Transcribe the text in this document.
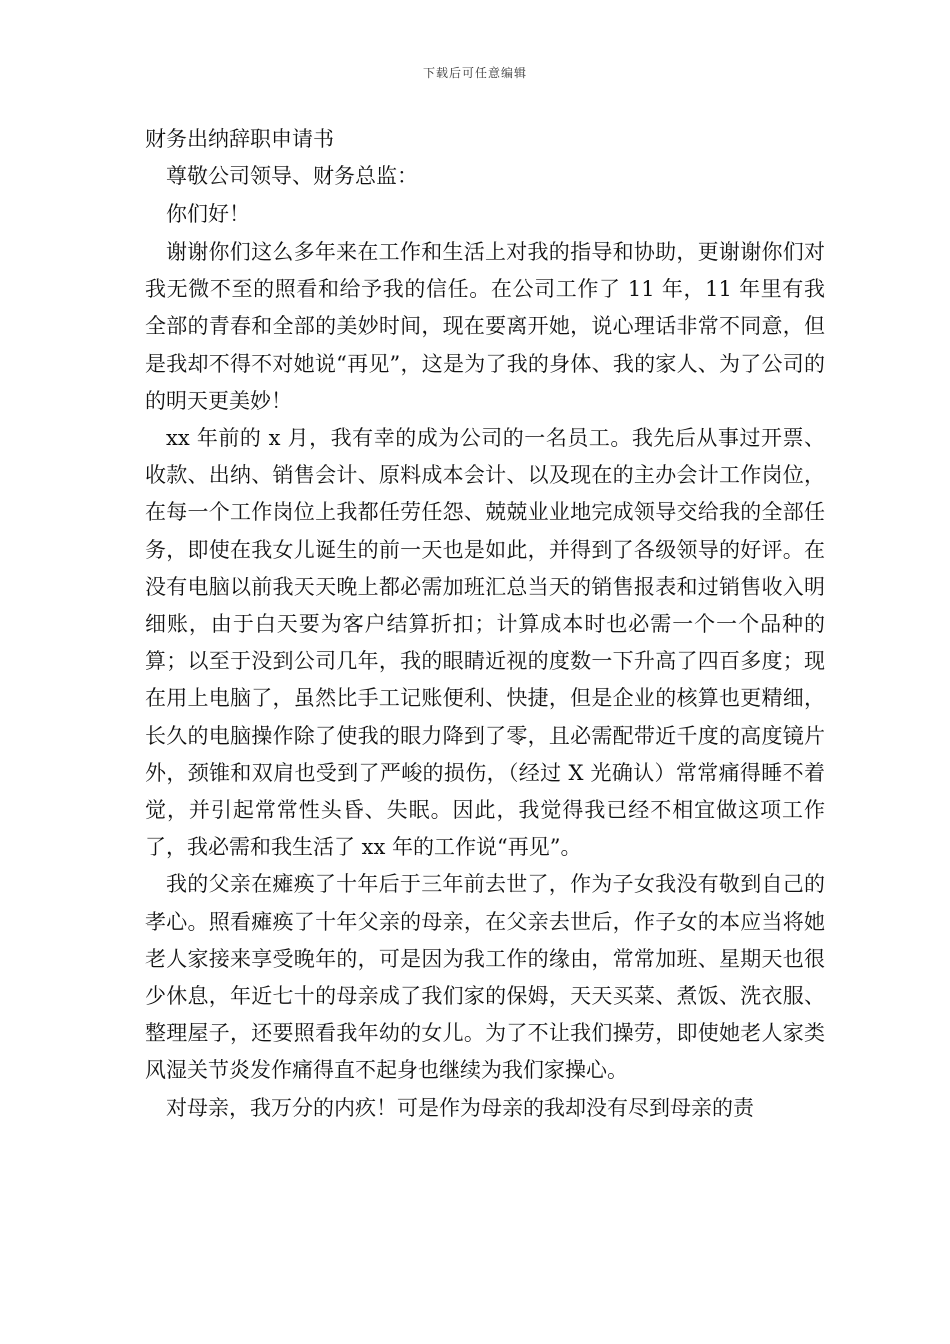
下载后可任意编辑
财务出纳辞职申请书
尊敬公司领导、财务总监：
你们好！

谢谢你们这么多年来在工作和生活上对我的指导和协助，更谢谢你们对我无微不至的照看和给予我的信任。在公司工作了 11 年，11 年里有我全部的青春和全部的美妙时间，现在要离开她，说心理话非常不同意，但是我却不得不对她说“再见”，这是为了我的身体、我的家人、为了公司的的明天更美妙！

xx 年前的 x 月，我有幸的成为公司的一名员工。我先后从事过开票、收款、出纳、销售会计、原料成本会计、以及现在的主办会计工作岗位，在每一个工作岗位上我都任劳任怨、兢兢业业地完成领导交给我的全部任务，即使在我女儿诞生的前一天也是如此，并得到了各级领导的好评。在没有电脑以前我天天晚上都必需加班汇总当天的销售报表和过销售收入明细账，由于白天要为客户结算折扣；计算成本时也必需一个一个品种的算；以至于没到公司几年，我的眼睛近视的度数一下升高了四百多度；现在用上电脑了，虽然比手工记账便利、快捷，但是企业的核算也更精细，长久的电脑操作除了使我的眼力降到了零，且必需配带近千度的高度镜片外，颈锥和双肩也受到了严峻的损伤，（经过 X 光确认）常常痛得睡不着觉，并引起常常性头昏、失眠。因此，我觉得我已经不相宜做这项工作了，我必需和我生活了 xx 年的工作说“再见”。

我的父亲在瘫痪了十年后于三年前去世了，作为子女我没有敬到自己的孝心。照看瘫痪了十年父亲的母亲，在父亲去世后，作子女的本应当将她老人家接来享受晚年的，可是因为我工作的缘由，常常加班、星期天也很少休息，年近七十的母亲成了我们家的保姆，天天买菜、煮饭、洗衣服、整理屋子，还要照看我年幼的女儿。为了不让我们操劳，即使她老人家类风湿关节炎发作痛得直不起身也继续为我们家操心。

对母亲，我万分的内疚！可是作为母亲的我却没有尽到母亲的责
